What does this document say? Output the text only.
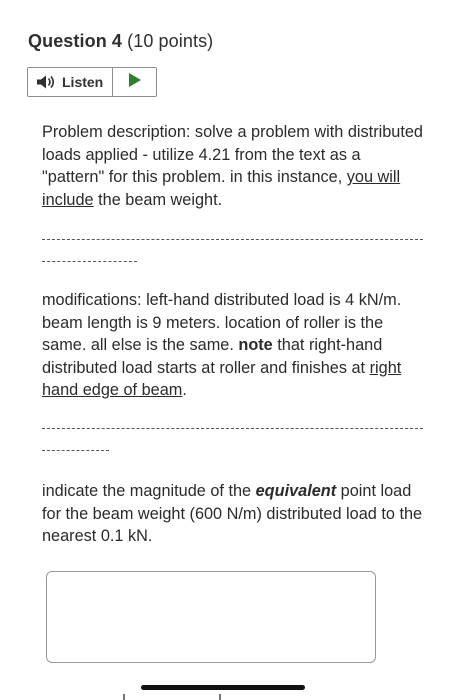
Question 4 (10 points)
Listen
Problem description: solve a problem with distributed loads applied - utilize 4.21 from the text as a "pattern" for this problem. in this instance, you will include the beam weight.
modifications: left-hand distributed load is 4 kN/m. beam length is 9 meters. location of roller is the same. all else is the same. note that right-hand distributed load starts at roller and finishes at right hand edge of beam.
indicate the magnitude of the equivalent point load for the beam weight (600 N/m) distributed load to the nearest 0.1 kN.
